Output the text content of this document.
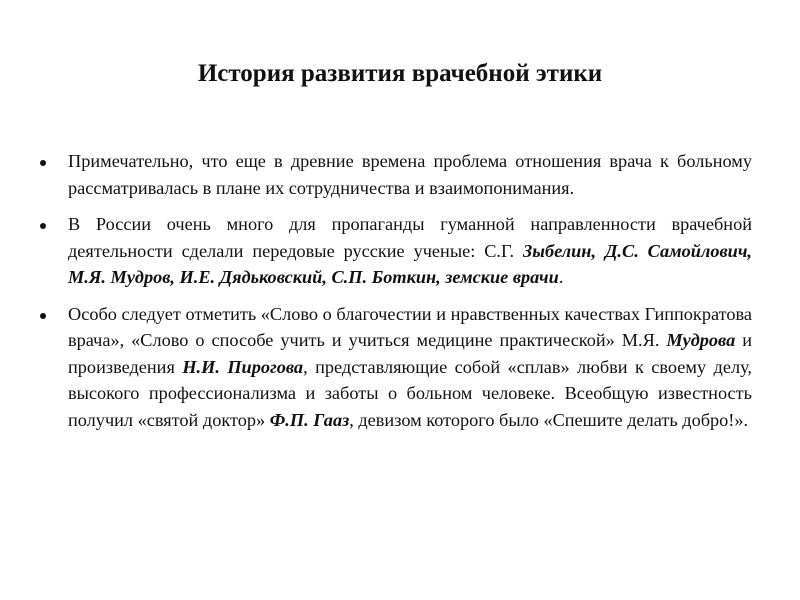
История развития врачебной этики
Примечательно, что еще в древние времена проблема отношения врача к больному рассматривалась в плане их сотрудничества и взаимопонимания.
В России очень много для пропаганды гуманной направленности врачебной деятельности сделали передовые русские ученые: С.Г. Зыбелин, Д.С. Самойлович, М.Я. Мудров, И.Е. Дядьковский, С.П. Боткин, земские врачи.
Особо следует отметить «Слово о благочестии и нравственных качествах Гиппократова врача», «Слово о способе учить и учиться медицине практической» М.Я. Мудрова и произведения Н.И. Пирогова, представляющие собой «сплав» любви к своему делу, высокого профессионализма и заботы о больном человеке. Всеобщую известность получил «святой доктор» Ф.П. Гааз, девизом которого было «Спешите делать добро!».
